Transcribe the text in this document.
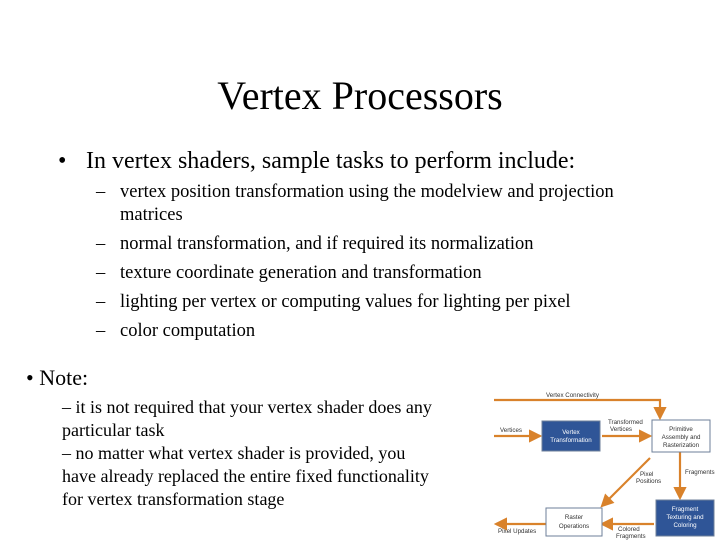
Vertex Processors
• In vertex shaders, sample tasks to perform include:
– vertex position transformation using the modelview and projection matrices
– normal transformation, and if required its normalization
– texture coordinate generation and transformation
– lighting per vertex or computing values for lighting per pixel
– color computation
• Note:
– it is not required that your vertex shader does any particular task
– no matter what vertex shader is provided, you have already replaced the entire fixed functionality for vertex transformation stage
Vertex Connectivity
Vertices
Transformed
Vertices
Fragments
Pixel
Positions
Pixel Updates	Colored
Fragments
Vertex
Transformation
Fragment
Texturing and
Coloring
Primitive
Assembly and
Rasterization
Raster
Operations
